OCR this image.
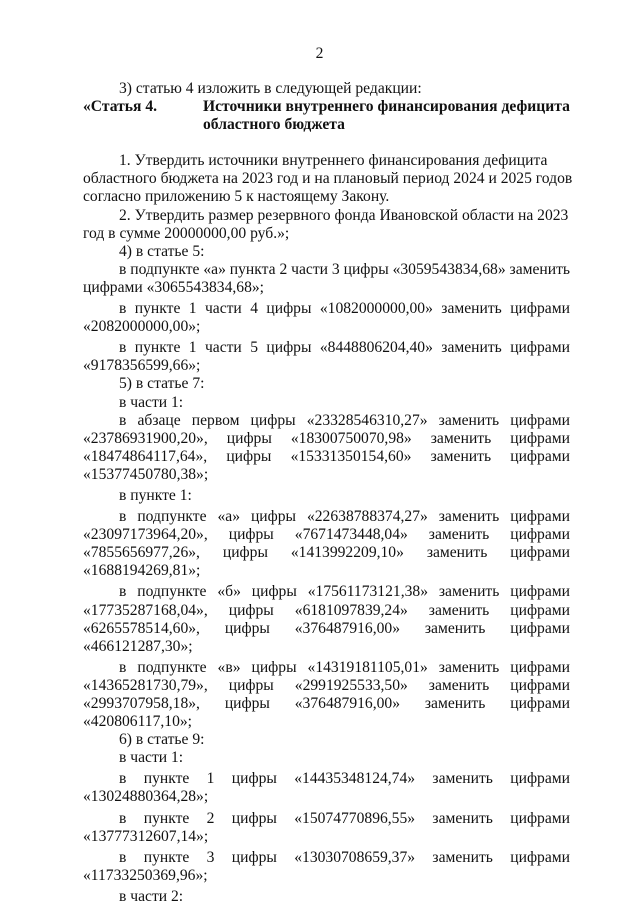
2
3) статью 4 изложить в следующей редакции:
«Статья 4.	Источники внутреннего финансирования дефицита
областного бюджета
1. Утвердить источники внутреннего финансирования дефицита
областного бюджета на 2023 год и на плановый период 2024 и 2025 годов
согласно приложению 5 к настоящему Закону.
2. Утвердить размер резервного фонда Ивановской области на 2023
год в сумме 20000000,00 руб.»;
4) в статье 5:
в подпункте «а» пункта 2 части 3 цифры «3059543834,68» заменить
цифрами «3065543834,68»;
в пункте 1 части 4 цифры «1082000000,00» заменить цифрами
«2082000000,00»;
в пункте 1 части 5 цифры «8448806204,40» заменить цифрами
«9178356599,66»;
5) в статье 7:
в части 1:
в абзаце первом цифры «23328546310,27» заменить цифрами
«23786931900,20», цифры «18300750070,98» заменить цифрами
«18474864117,64», цифры «15331350154,60» заменить цифрами
«15377450780,38»;
в пункте 1:
в подпункте «а» цифры «22638788374,27» заменить цифрами
«23097173964,20», цифры «7671473448,04» заменить цифрами
«7855656977,26», цифры «1413992209,10» заменить цифрами
«1688194269,81»;
в подпункте «б» цифры «17561173121,38» заменить цифрами
«17735287168,04», цифры «6181097839,24» заменить цифрами
«6265578514,60», цифры «376487916,00» заменить цифрами
«466121287,30»;
в подпункте «в» цифры «14319181105,01» заменить цифрами
«14365281730,79», цифры «2991925533,50» заменить цифрами
«2993707958,18», цифры «376487916,00» заменить цифрами
«420806117,10»;
6) в статье 9:
в части 1:
в пункте 1 цифры «14435348124,74» заменить цифрами
«13024880364,28»;
в пункте 2 цифры «15074770896,55» заменить цифрами
«13777312607,14»;
в пункте 3 цифры «13030708659,37» заменить цифрами
«11733250369,96»;
в части 2:
